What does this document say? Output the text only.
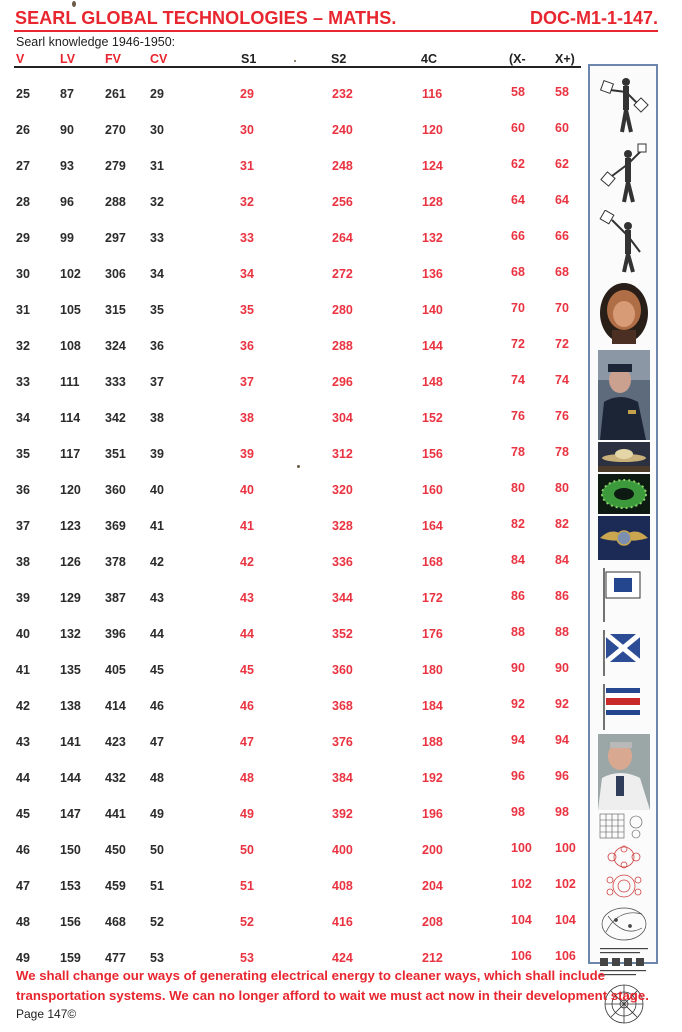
SEARL GLOBAL TECHNOLOGIES – MATHS.	DOC-M1-1-147.
Searl knowledge 1946-1950:
V	LV FV CV	S1	S2	4C	(X- X+)
25 87 261 29	29	232	116	58 58
26 90 270 30	30	240	120	60 60
27 93 279 31	31	248	124	62 62
28 96 288 32	32	256	128	64 64
29 99 297 33	33	264	132	66 66
30 102 306 34	34	272	136	68 68
31 105 315 35	35	280	140	70 70
32 108 324 36	36	288	144	72 72
33 111 333 37	37	296	148	74 74
34 114 342 38	38	304	152	76 76
35 117 351 39	39	312	156	78 78
36 120 360 40	40	320	160	80 80
37 123 369 41	41	328	164	82 82
38 126 378 42	42	336	168	84 84
39 129 387 43	43	344	172	86 86
40 132 396 44	44	352	176	88 88
41 135 405 45	45	360	180	90 90
42 138 414 46	46	368	184	92 92
43 141 423 47	47	376	188	94 94
44 144 432 48	48	384	192	96 96
45 147 441 49	49	392	196	98 98
46 150 450 50	50	400	200	100 100
47 153 459 51	51	408	204	102 102
48 156 468 52	52	416	208	104 104
49 159 477 53	53	424	212	106 106
We shall change our ways of generating electrical energy to cleaner ways, which shall include
transportation systems. We can no longer afford to wait we must act now in their development stage.
Page 147©
